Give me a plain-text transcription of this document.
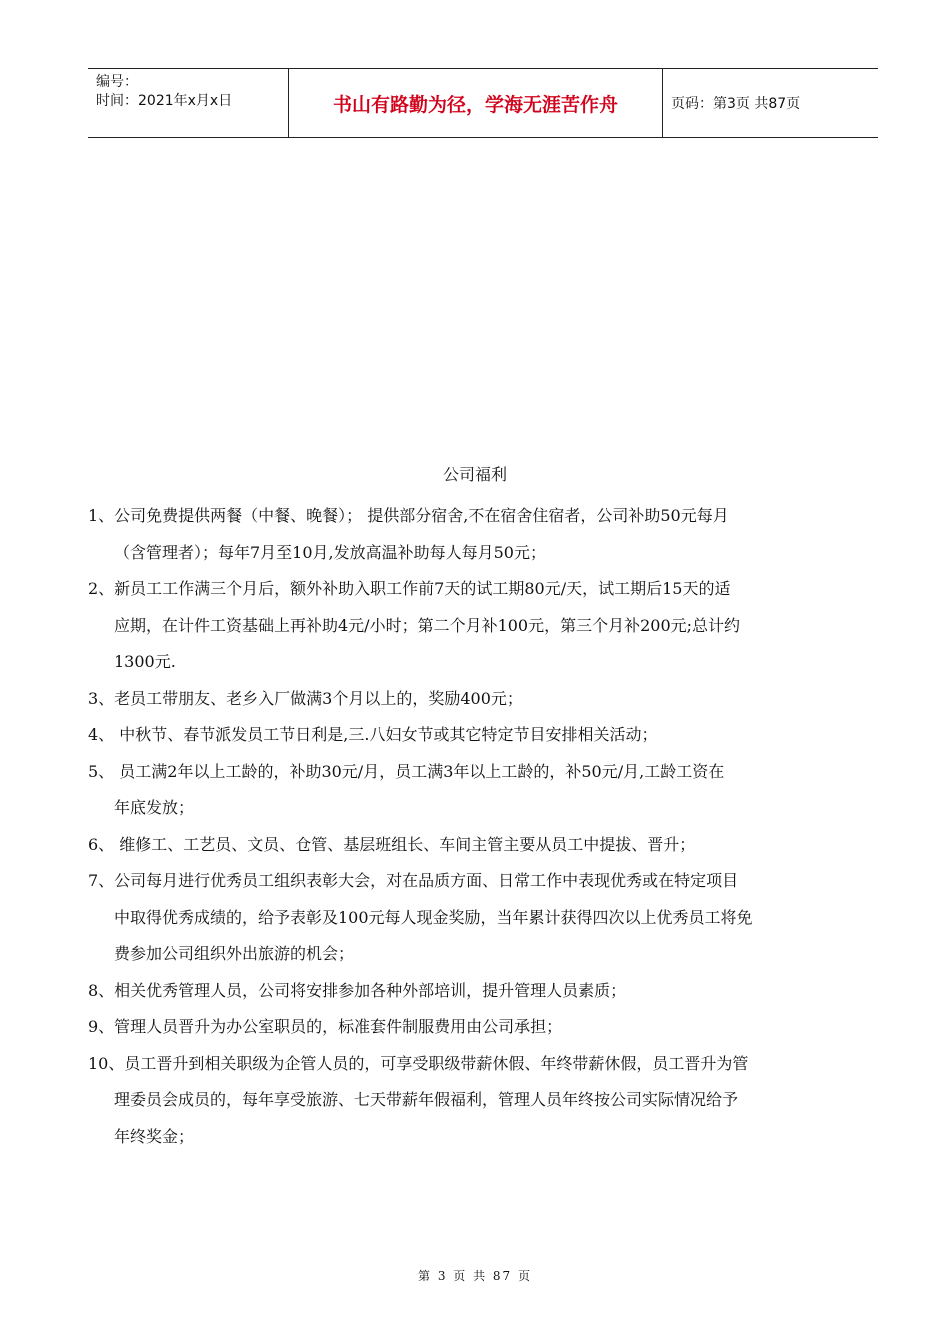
编号：
时间：2021年x月x日	书山有路勤为径，学海无涯苦作舟	页码：第3页 共87页
公司福利
1、公司免费提供两餐（中餐、晚餐）； 提供部分宿舍,不在宿舍住宿者，公司补助50元每月
（含管理者）；每年7月至10月,发放高温补助每人每月50元；
2、新员工工作满三个月后，额外补助入职工作前7天的试工期80元/天，试工期后15天的适
应期，在计件工资基础上再补助4元/小时；第二个月补100元，第三个月补200元;总计约
1300元.
3、老员工带朋友、老乡入厂做满3个月以上的，奖励400元；
4、 中秋节、春节派发员工节日利是,三.八妇女节或其它特定节目安排相关活动；
5、 员工满2年以上工龄的，补助30元/月，员工满3年以上工龄的，补50元/月,工龄工资在
年底发放；
6、 维修工、工艺员、文员、仓管、基层班组长、车间主管主要从员工中提拔、晋升；
7、公司每月进行优秀员工组织表彰大会，对在品质方面、日常工作中表现优秀或在特定项目
中取得优秀成绩的，给予表彰及100元每人现金奖励，当年累计获得四次以上优秀员工将免
费参加公司组织外出旅游的机会；
8、相关优秀管理人员，公司将安排参加各种外部培训，提升管理人员素质；
9、管理人员晋升为办公室职员的，标准套件制服费用由公司承担；
10、员工晋升到相关职级为企管人员的，可享受职级带薪休假、年终带薪休假，员工晋升为管
理委员会成员的，每年享受旅游、七天带薪年假福利，管理人员年终按公司实际情况给予
年终奖金；
第 3 页 共 87 页
